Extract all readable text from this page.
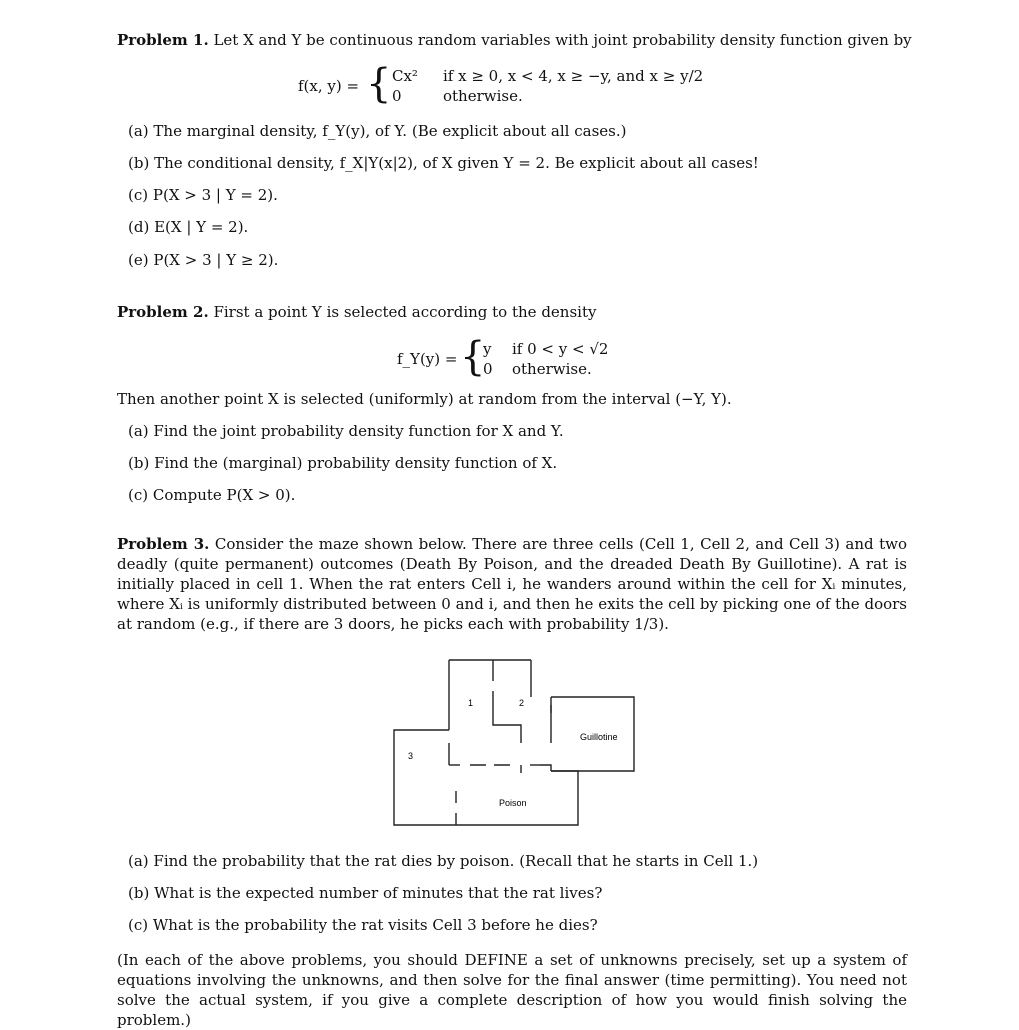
Problem 1. Let X and Y be continuous random variables with joint probability density function given by
f(x, y) = { Cx² if x ≥ 0, x < 4, x ≥ −y, and x ≥ y/2
0	otherwise.
(a) The marginal density, f_Y(y), of Y. (Be explicit about all cases.)
(b) The conditional density, f_X|Y(x|2), of X given Y = 2. Be explicit about all cases!
(c) P(X > 3 | Y = 2).
(d) E(X | Y = 2).
(e) P(X > 3 | Y ≥ 2).
Problem 2. First a point Y is selected according to the density
f_Y(y) = {
y if 0 < y < √2
0 otherwise.
Then another point X is selected (uniformly) at random from the interval (−Y, Y).
(a) Find the joint probability density function for X and Y.
(b) Find the (marginal) probability density function of X.
(c) Compute P(X > 0).
Problem 3. Consider the maze shown below. There are three cells (Cell 1, Cell 2, and Cell 3) and two deadly (quite permanent) outcomes (Death By Poison, and the dreaded Death By Guillotine). A rat is initially placed in cell 1. When the rat enters Cell i, he wanders around within the cell for Xᵢ minutes, where Xᵢ is uniformly distributed between 0 and i, and then he exits the cell by picking one of the doors at random (e.g., if there are 3 doors, he picks each with probability 1/3).
1	2
3
Guillotine
Poison
(a) Find the probability that the rat dies by poison. (Recall that he starts in Cell 1.)
(b) What is the expected number of minutes that the rat lives?
(c) What is the probability the rat visits Cell 3 before he dies?
(In each of the above problems, you should DEFINE a set of unknowns precisely, set up a system of equations involving the unknowns, and then solve for the final answer (time permitting). You need not solve the actual system, if you give a complete description of how you would finish solving the problem.)
